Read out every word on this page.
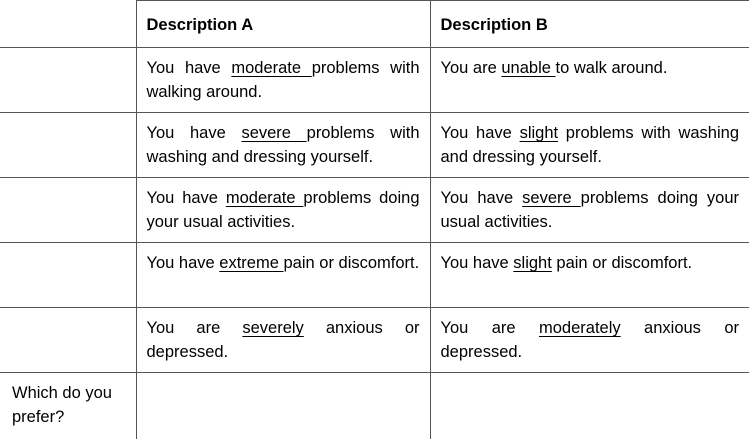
	Description A	Description B
	You have moderate problems with walking around.	You are unable to walk around.
	You have severe problems with washing and dressing yourself.	You have slight problems with washing and dressing yourself.
	You have moderate problems doing your usual activities.	You have severe problems doing your usual activities.
	You have extreme pain or discomfort.	You have slight pain or discomfort.
	You are severely anxious or depressed.	You are moderately anxious or depressed.
Which do you prefer?		
